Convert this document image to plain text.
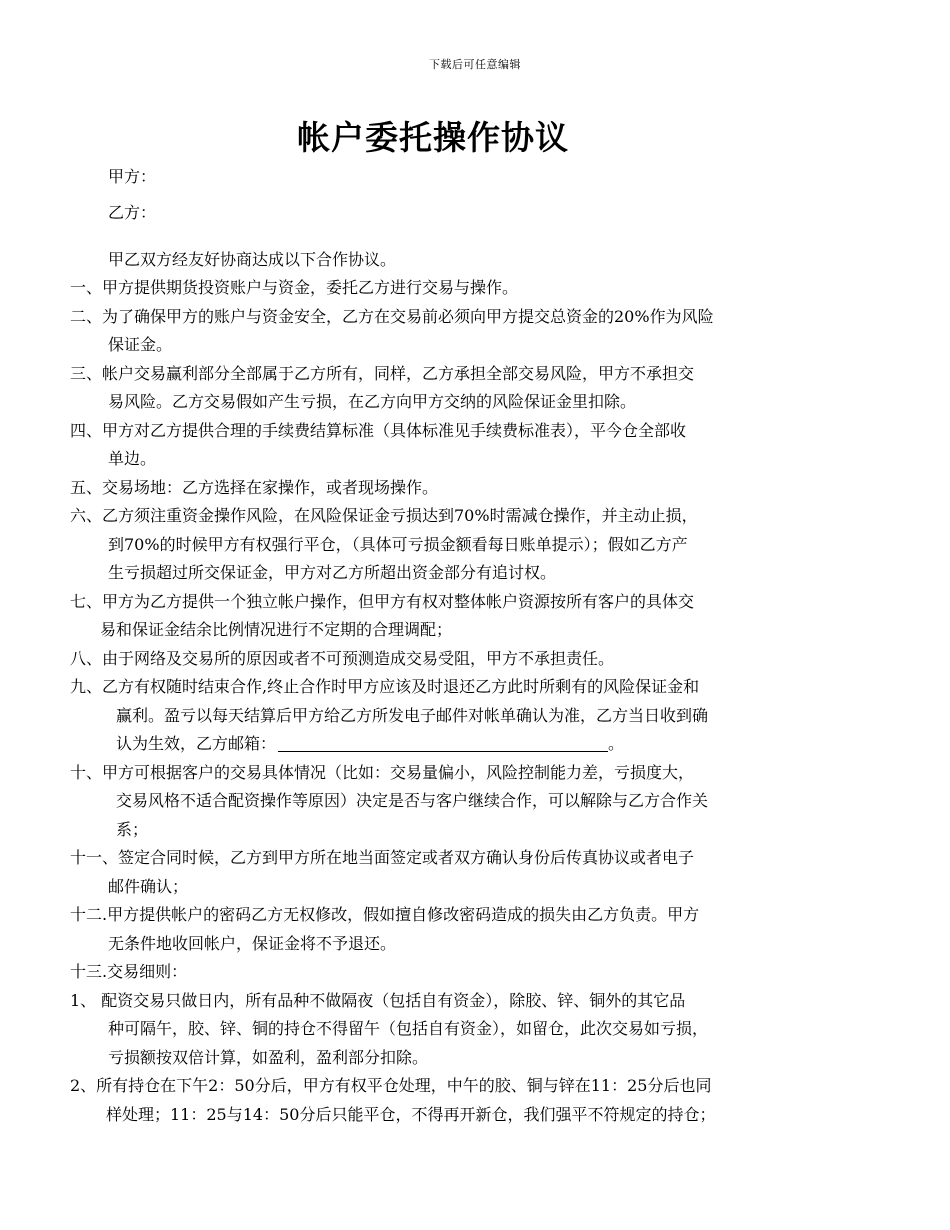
下载后可任意编辑
帐户委托操作协议
甲方：
乙方：
甲乙双方经友好协商达成以下合作协议。
一、甲方提供期货投资账户与资金，委托乙方进行交易与操作。
二、为了确保甲方的账户与资金安全，乙方在交易前必须向甲方提交总资金的20%作为风险
保证金。
三、帐户交易赢利部分全部属于乙方所有，同样，乙方承担全部交易风险，甲方不承担交
易风险。乙方交易假如产生亏损，在乙方向甲方交纳的风险保证金里扣除。
四、甲方对乙方提供合理的手续费结算标准（具体标准见手续费标准表），平今仓全部收
单边。
五、交易场地：乙方选择在家操作，或者现场操作。
六、乙方须注重资金操作风险，在风险保证金亏损达到70%时需减仓操作，并主动止损，
到70%的时候甲方有权强行平仓，（具体可亏损金额看每日账单提示）；假如乙方产
生亏损超过所交保证金，甲方对乙方所超出资金部分有追讨权。
七、甲方为乙方提供一个独立帐户操作，但甲方有权对整体帐户资源按所有客户的具体交
易和保证金结余比例情况进行不定期的合理调配；
八、由于网络及交易所的原因或者不可预测造成交易受阻，甲方不承担责任。
九、乙方有权随时结束合作,终止合作时甲方应该及时退还乙方此时所剩有的风险保证金和
赢利。盈亏以每天结算后甲方给乙方所发电子邮件对帐单确认为准，乙方当日收到确
认为生效，乙方邮箱：	。
十、甲方可根据客户的交易具体情况（比如：交易量偏小，风险控制能力差，亏损度大，
交易风格不适合配资操作等原因）决定是否与客户继续合作，可以解除与乙方合作关
系；
十一、签定合同时候，乙方到甲方所在地当面签定或者双方确认身份后传真协议或者电子
邮件确认；
十二.甲方提供帐户的密码乙方无权修改，假如擅自修改密码造成的损失由乙方负责。甲方
无条件地收回帐户，保证金将不予退还。
十三.交易细则：
1、 配资交易只做日内，所有品种不做隔夜（包括自有资金），除胶、锌、铜外的其它品
种可隔午，胶、锌、铜的持仓不得留午（包括自有资金），如留仓，此次交易如亏损，
亏损额按双倍计算，如盈利，盈利部分扣除。
2、所有持仓在下午2：50分后，甲方有权平仓处理，中午的胶、铜与锌在11：25分后也同
样处理；11：25与14：50分后只能平仓，不得再开新仓，我们强平不符规定的持仓；
